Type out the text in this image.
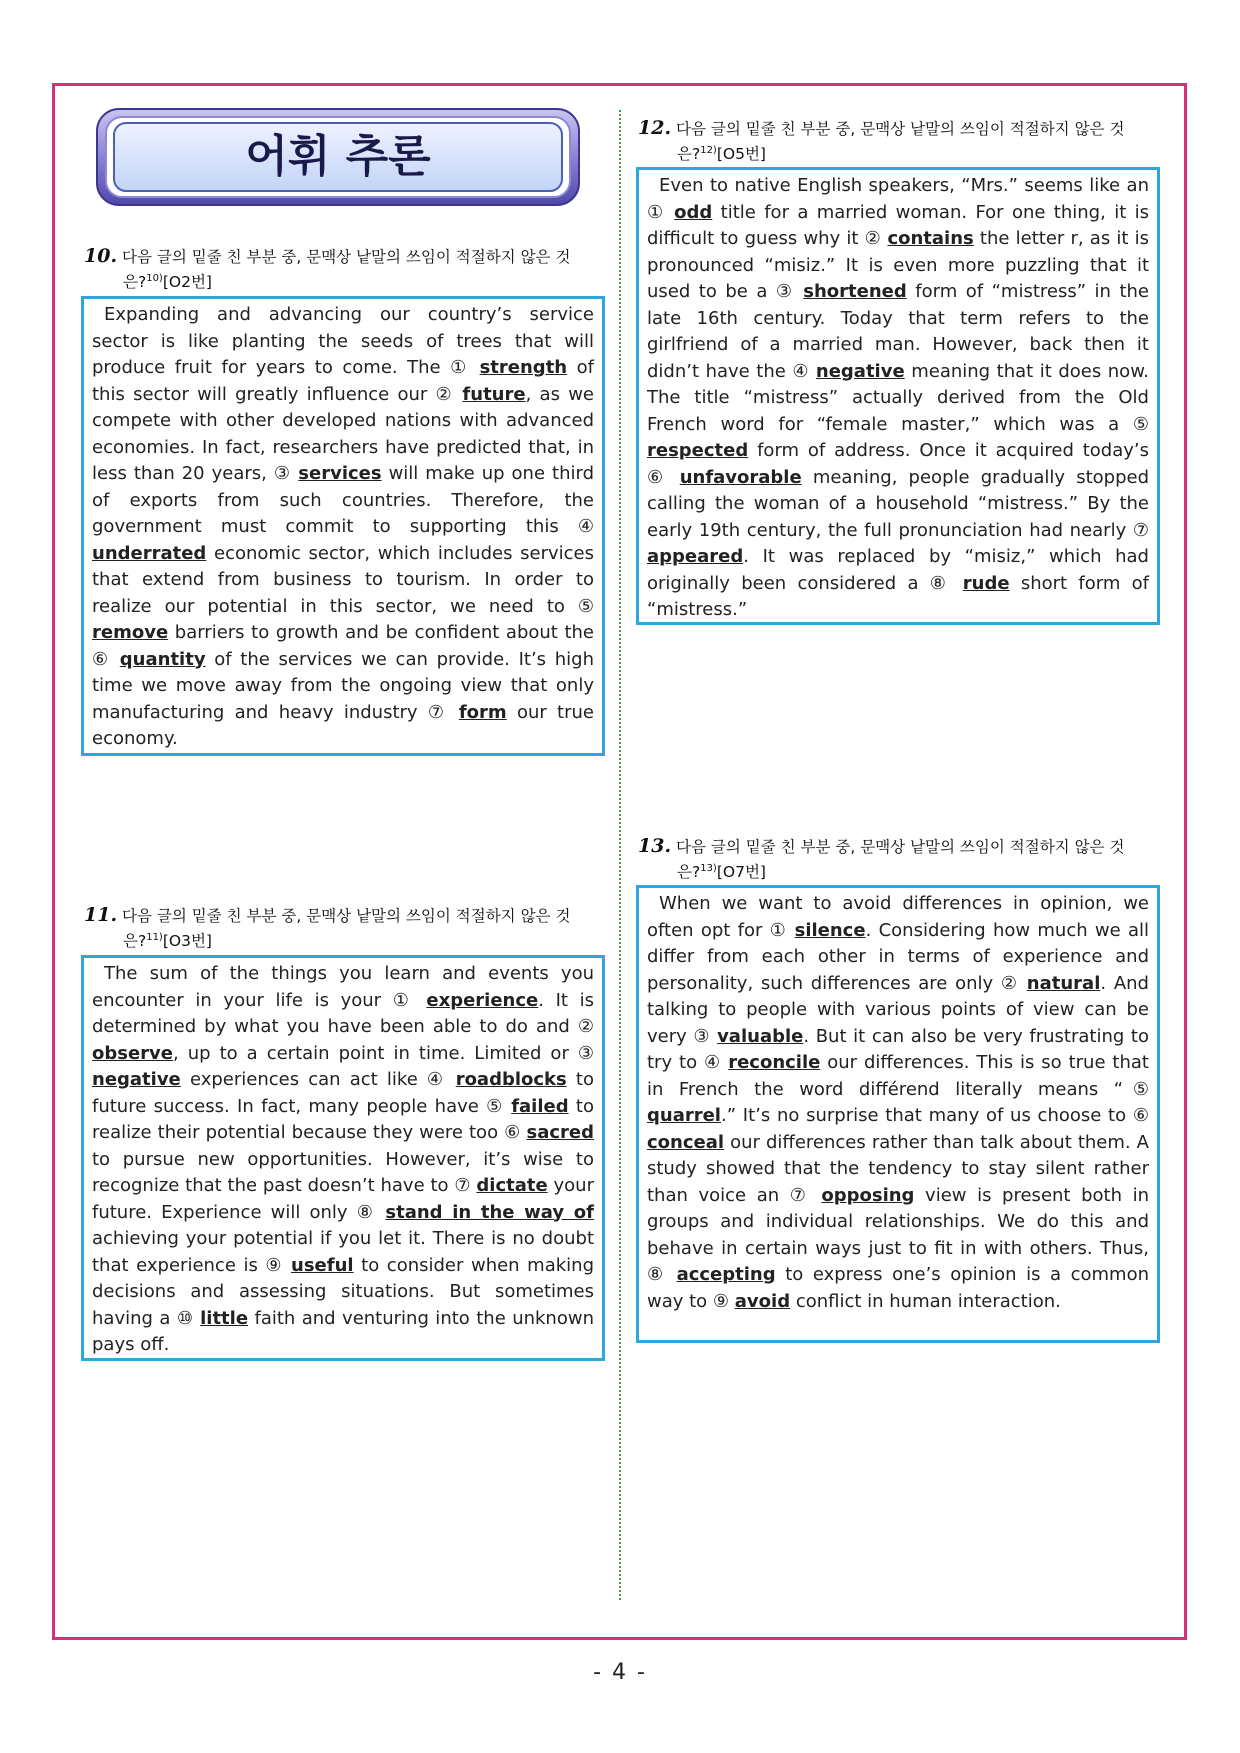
어휘 추론
10. 다음 글의 밑줄 친 부분 중, 문맥상 낱말의 쓰임이 적절하지 않은 것
은?$^{10)}$[O2번]

Expanding and advancing our country’s service sector is like planting the seeds of trees that will produce fruit for years to come. The ① strength of this sector will greatly influence our ② future, as we compete with other developed nations with advanced economies. In fact, researchers have predicted that, in less than 20 years, ③ services will make up one third of exports from such countries. Therefore, the government must commit to supporting this ④ underrated economic sector, which includes services that extend from business to tourism. In order to realize our potential in this sector, we need to ⑤ remove barriers to growth and be confident about the ⑥ quantity of the services we can provide. It’s high time we move away from the ongoing view that only manufacturing and heavy industry ⑦ form our true economy.

11. 다음 글의 밑줄 친 부분 중, 문맥상 낱말의 쓰임이 적절하지 않은 것
은?$^{11)}$[O3번]

The sum of the things you learn and events you encounter in your life is your ① experience. It is determined by what you have been able to do and ② observe, up to a certain point in time. Limited or ③ negative experiences can act like ④ roadblocks to future success. In fact, many people have ⑤ failed to realize their potential because they were too ⑥ sacred to pursue new opportunities. However, it’s wise to recognize that the past doesn’t have to ⑦ dictate your future. Experience will only ⑧ stand in the way of achieving your potential if you let it. There is no doubt that experience is ⑨ useful to consider when making decisions and assessing situations. But sometimes having a ⑩ little faith and venturing into the unknown pays off.

12. 다음 글의 밑줄 친 부분 중, 문맥상 낱말의 쓰임이 적절하지 않은 것
은?$^{12)}$[O5번]

Even to native English speakers, “Mrs.” seems like an ① odd title for a married woman. For one thing, it is difficult to guess why it ② contains the letter r, as it is pronounced “misiz.” It is even more puzzling that it used to be a ③ shortened form of “mistress” in the late 16th century. Today that term refers to the girlfriend of a married man. However, back then it didn’t have the ④ negative meaning that it does now. The title “mistress” actually derived from the Old French word for “female master,” which was a ⑤ respected form of address. Once it acquired today’s ⑥ unfavorable meaning, people gradually stopped calling the woman of a household “mistress.” By the early 19th century, the full pronunciation had nearly ⑦ appeared. It was replaced by “misiz,” which had originally been considered a ⑧ rude short form of “mistress.”

13. 다음 글의 밑줄 친 부분 중, 문맥상 낱말의 쓰임이 적절하지 않은 것
은?$^{13)}$[O7번]

When we want to avoid differences in opinion, we often opt for ① silence. Considering how much we all differ from each other in terms of experience and personality, such differences are only ② natural. And talking to people with various points of view can be very ③ valuable. But it can also be very frustrating to try to ④ reconcile our differences. This is so true that in French the word différend literally means “⑤ quarrel.” It’s no surprise that many of us choose to ⑥ conceal our differences rather than talk about them. A study showed that the tendency to stay silent rather than voice an ⑦ opposing view is present both in groups and individual relationships. We do this and behave in certain ways just to fit in with others. Thus, ⑧ accepting to express one’s opinion is a common way to ⑨ avoid conflict in human interaction.

- 4 -
